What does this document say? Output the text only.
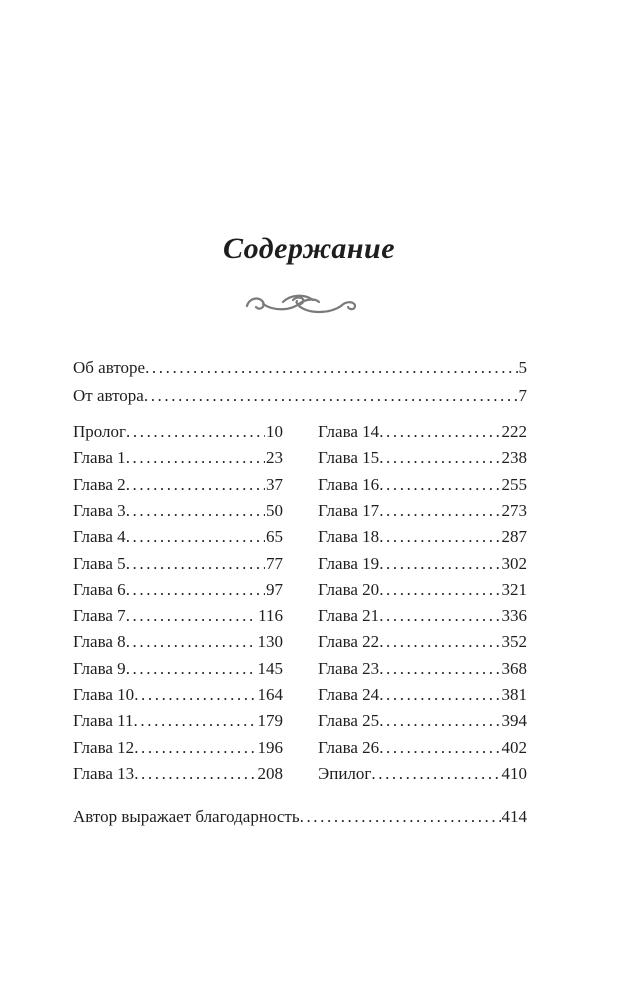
Содержание
Об авторе .....	5
От автора .....	7
Пролог .....	10
Глава 1 .....	23
Глава 2 .....	37
Глава 3 .....	50
Глава 4 .....	65
Глава 5 .....	77
Глава 6 .....	97
Глава 7 .....	116
Глава 8 .....	130
Глава 9 .....	145
Глава 10 .....	164
Глава 11 .....	179
Глава 12 .....	196
Глава 13 .....	208
Глава 14 .....	222
Глава 15 .....	238
Глава 16 .....	255
Глава 17 .....	273
Глава 18 .....	287
Глава 19 .....	302
Глава 20 .....	321
Глава 21 .....	336
Глава 22 .....	352
Глава 23 .....	368
Глава 24 .....	381
Глава 25 .....	394
Глава 26 .....	402
Эпилог .....	410
Автор выражает благодарность .....	414
